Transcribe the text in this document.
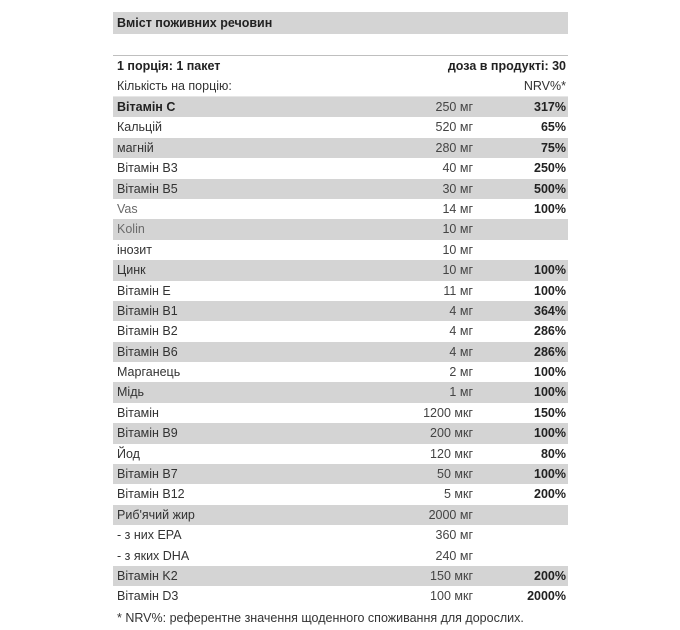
Вміст поживних речовин
1 порція: 1 пакет	доза в продукті: 30
Кількість на порцію:	NRV%*
Вітамін C	250 мг	317%
Кальцій	520 мг	65%
магній	280 мг	75%
Вітамін B3	40 мг	250%
Вітамін B5	30 мг	500%
Vas	14 мг	100%
Kolin	10 мг
інозит	10 мг
Цинк	10 мг	100%
Вітамін E	11 мг	100%
Вітамін B1	4 мг	364%
Вітамін B2	4 мг	286%
Вітамін B6	4 мг	286%
Марганець	2 мг	100%
Мідь	1 мг	100%
Вітамін	1200 мкг	150%
Вітамін B9	200 мкг	100%
Йод	120 мкг	80%
Вітамін B7	50 мкг	100%
Вітамін B12	5 мкг	200%
Риб'ячий жир	2000 мг
- з них EPA	360 мг
- з яких DHA	240 мг
Вітамін K2	150 мкг	200%
Вітамін D3	100 мкг	2000%
* NRV%: референтне значення щоденного споживання для дорослих.
